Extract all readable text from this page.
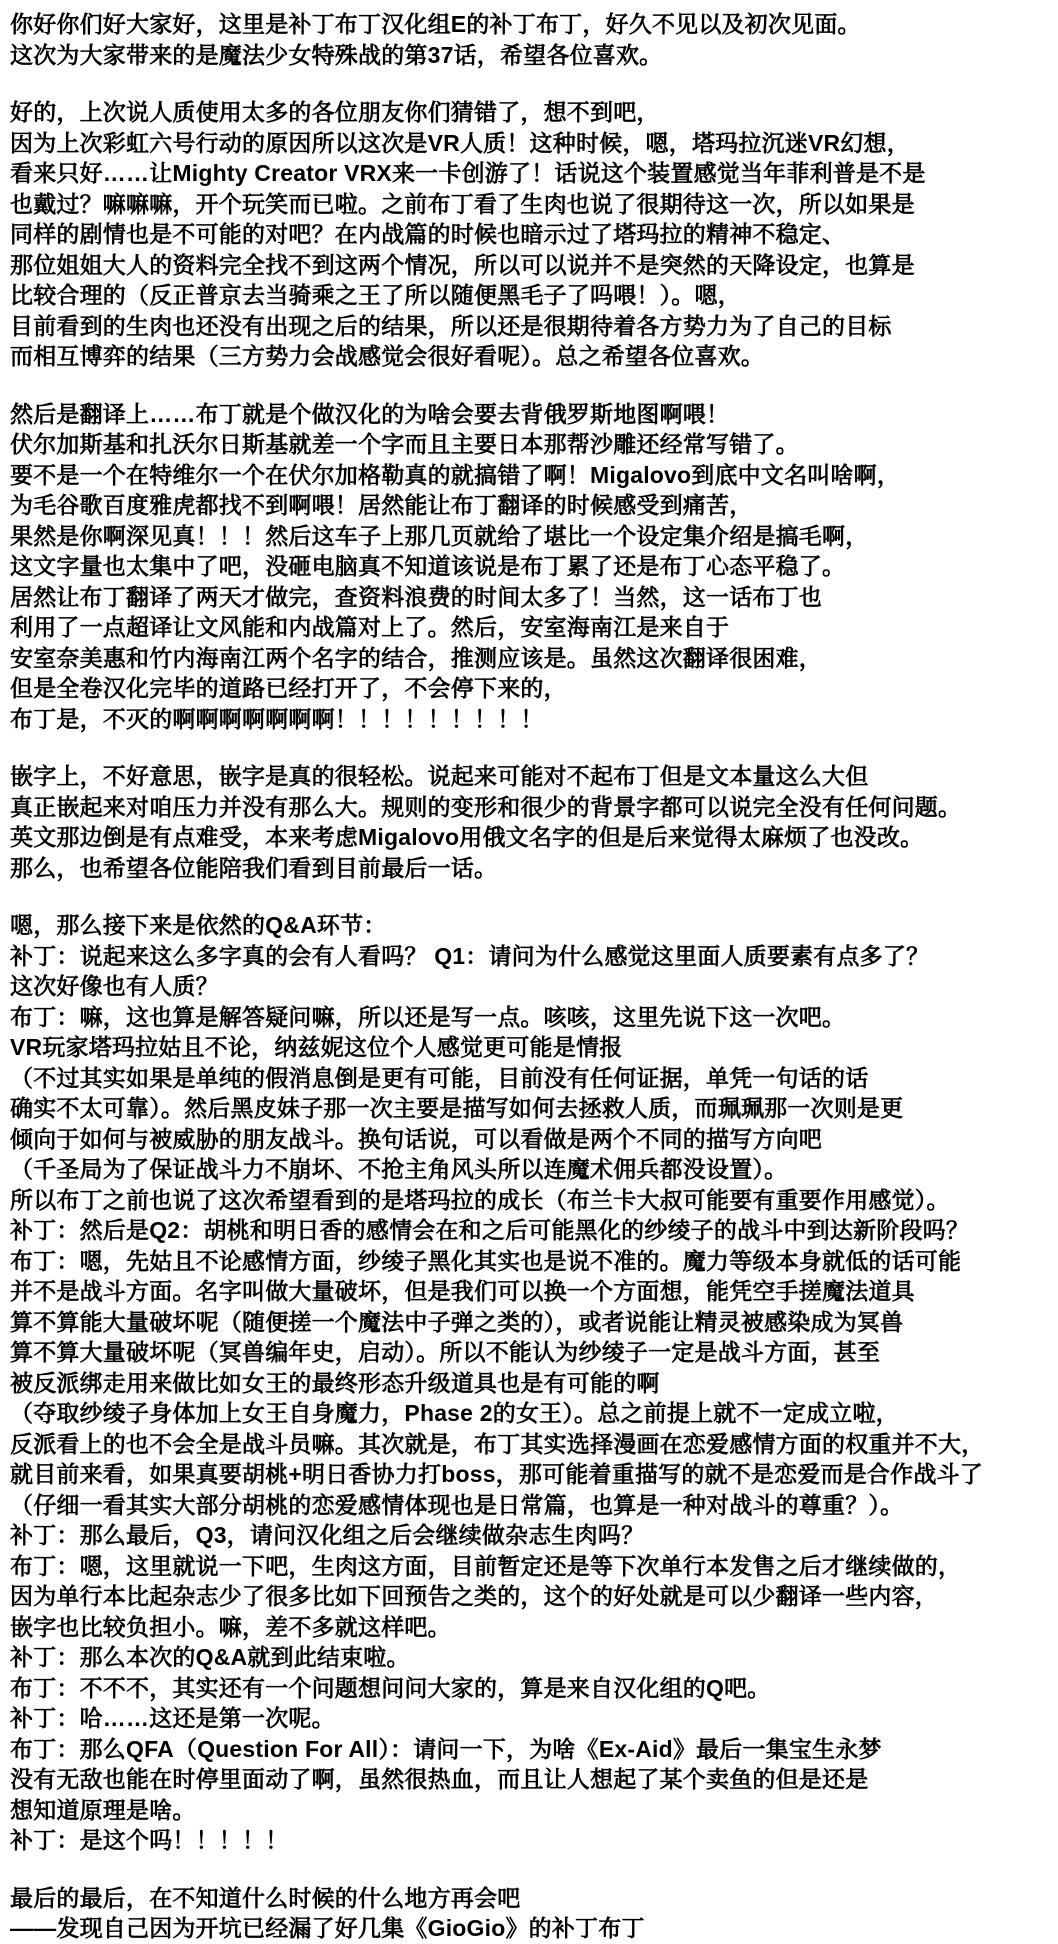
你好你们好大家好，这里是补丁布丁汉化组E的补丁布丁，好久不见以及初次见面。
这次为大家带来的是魔法少女特殊战的第37话，希望各位喜欢。
好的，上次说人质使用太多的各位朋友你们猜错了，想不到吧，
因为上次彩虹六号行动的原因所以这次是VR人质！这种时候，嗯，塔玛拉沉迷VR幻想，
看来只好……让Mighty Creator VRX来一卡创游了！话说这个装置感觉当年菲利普是不是
也戴过？嘛嘛嘛，开个玩笑而已啦。之前布丁看了生肉也说了很期待这一次，所以如果是
同样的剧情也是不可能的对吧？在内战篇的时候也暗示过了塔玛拉的精神不稳定、
那位姐姐大人的资料完全找不到这两个情况，所以可以说并不是突然的天降设定，也算是
比较合理的（反正普京去当骑乘之王了所以随便黑毛子了吗喂！）。嗯，
目前看到的生肉也还没有出现之后的结果，所以还是很期待着各方势力为了自己的目标
而相互博弈的结果（三方势力会战感觉会很好看呢）。总之希望各位喜欢。
然后是翻译上……布丁就是个做汉化的为啥会要去背俄罗斯地图啊喂！
伏尔加斯基和扎沃尔日斯基就差一个字而且主要日本那帮沙雕还经常写错了。
要不是一个在特维尔一个在伏尔加格勒真的就搞错了啊！Migalovo到底中文名叫啥啊，
为毛谷歌百度雅虎都找不到啊喂！居然能让布丁翻译的时候感受到痛苦，
果然是你啊深见真！！！然后这车子上那几页就给了堪比一个设定集介绍是搞毛啊，
这文字量也太集中了吧，没砸电脑真不知道该说是布丁累了还是布丁心态平稳了。
居然让布丁翻译了两天才做完，查资料浪费的时间太多了！当然，这一话布丁也
利用了一点超译让文风能和内战篇对上了。然后，安室海南江是来自于
安室奈美惠和竹内海南江两个名字的结合，推测应该是。虽然这次翻译很困难，
但是全卷汉化完毕的道路已经打开了，不会停下来的，
布丁是，不灭的啊啊啊啊啊啊啊！！！！！！！！！
嵌字上，不好意思，嵌字是真的很轻松。说起来可能对不起布丁但是文本量这么大但
真正嵌起来对咱压力并没有那么大。规则的变形和很少的背景字都可以说完全没有任何问题。
英文那边倒是有点难受，本来考虑Migalovo用俄文名字的但是后来觉得太麻烦了也没改。
那么，也希望各位能陪我们看到目前最后一话。
嗯，那么接下来是依然的Q&A环节：
补丁：说起来这么多字真的会有人看吗？ Q1：请问为什么感觉这里面人质要素有点多了？
这次好像也有人质？
布丁：嘛，这也算是解答疑问嘛，所以还是写一点。咳咳，这里先说下这一次吧。
VR玩家塔玛拉姑且不论，纳兹妮这位个人感觉更可能是情报
（不过其实如果是单纯的假消息倒是更有可能，目前没有任何证据，单凭一句话的话
确实不太可靠）。然后黑皮妹子那一次主要是描写如何去拯救人质，而珮珮那一次则是更
倾向于如何与被威胁的朋友战斗。换句话说，可以看做是两个不同的描写方向吧
（千圣局为了保证战斗力不崩坏、不抢主角风头所以连魔术佣兵都没设置）。
所以布丁之前也说了这次希望看到的是塔玛拉的成长（布兰卡大叔可能要有重要作用感觉）。
补丁：然后是Q2：胡桃和明日香的感情会在和之后可能黑化的纱绫子的战斗中到达新阶段吗？
布丁：嗯，先姑且不论感情方面，纱绫子黑化其实也是说不准的。魔力等级本身就低的话可能
并不是战斗方面。名字叫做大量破坏，但是我们可以换一个方面想，能凭空手搓魔法道具
算不算能大量破坏呢（随便搓一个魔法中子弹之类的），或者说能让精灵被感染成为冥兽
算不算大量破坏呢（冥兽编年史，启动）。所以不能认为纱绫子一定是战斗方面，甚至
被反派绑走用来做比如女王的最终形态升级道具也是有可能的啊
（夺取纱绫子身体加上女王自身魔力，Phase 2的女王）。总之前提上就不一定成立啦，
反派看上的也不会全是战斗员嘛。其次就是，布丁其实选择漫画在恋爱感情方面的权重并不大，
就目前来看，如果真要胡桃+明日香协力打boss，那可能着重描写的就不是恋爱而是合作战斗了
（仔细一看其实大部分胡桃的恋爱感情体现也是日常篇，也算是一种对战斗的尊重？）。
补丁：那么最后，Q3，请问汉化组之后会继续做杂志生肉吗？
布丁：嗯，这里就说一下吧，生肉这方面，目前暂定还是等下次单行本发售之后才继续做的，
因为单行本比起杂志少了很多比如下回预告之类的，这个的好处就是可以少翻译一些内容，
嵌字也比较负担小。嘛，差不多就这样吧。
补丁：那么本次的Q&A就到此结束啦。
布丁：不不不，其实还有一个问题想问问大家的，算是来自汉化组的Q吧。
补丁：哈……这还是第一次呢。
布丁：那么QFA（Question For All）：请问一下，为啥《Ex-Aid》最后一集宝生永梦
没有无敌也能在时停里面动了啊，虽然很热血，而且让人想起了某个卖鱼的但是还是
想知道原理是啥。
补丁：是这个吗！！！！！
最后的最后，在不知道什么时候的什么地方再会吧
——发现自己因为开坑已经漏了好几集《GioGio》的补丁布丁
